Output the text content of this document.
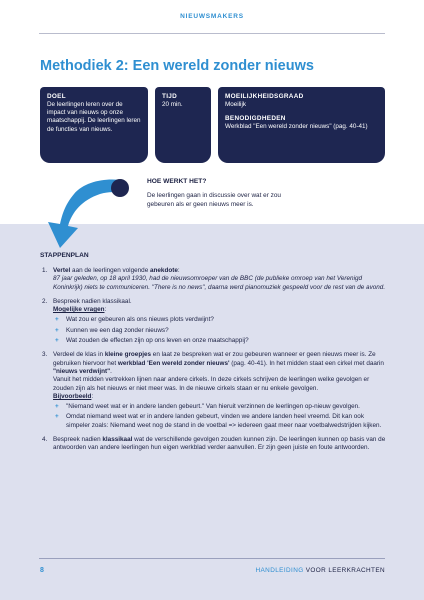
NIEUWSMAKERS
Methodiek 2: Een wereld zonder nieuws
DOEL
De leerlingen leren over de impact van nieuws op onze maatschappij. De leerlingen leren de functies van nieuws.
TIJD
20 min.
MOEILIJKHEIDSGRAAD
Moeilijk
BENODIGDHEDEN
Werkblad "Een wereld zonder nieuws" (pag. 40-41)
HOE WERKT HET?
De leerlingen gaan in discussie over wat er zou gebeuren als er geen nieuws meer is.
STAPPENPLAN
1. Vertel aan de leerlingen volgende anekdote:

87 jaar geleden, op 18 april 1930, had de nieuwsomroeper van de BBC (de publieke omroep van het Verenigd Koninkrijk) niets te communiceren. "There is no news", daarna werd pianomuziek gespeeld voor de rest van de avond.

2. Bespreek nadien klassikaal.

Mogelijke vragen:

+ Wat zou er gebeuren als ons nieuws plots verdwijnt?
+ Kunnen we een dag zonder nieuws?
+ Wat zouden de effecten zijn op ons leven en onze maatschappij?
3. Verdeel de klas in kleine groepjes en laat ze bespreken wat er zou gebeuren wanneer er geen nieuws meer is. Ze gebruiken hiervoor het werkblad 'Een wereld zonder nieuws' (pag. 40-41). In het midden staat een cirkel met daarin "nieuws verdwijnt".

Vanuit het midden vertrekken lijnen naar andere cirkels. In deze cirkels schrijven de leerlingen welke gevolgen er zouden zijn als het nieuws er niet meer was. In de nieuwe cirkels staan er nu enkele gevolgen.

Bijvoorbeeld:

+ "Niemand weet wat er in andere landen gebeurt." Van hieruit verzinnen de leerlingen op-nieuw gevolgen.
+ Omdat niemand weet wat er in andere landen gebeurt, vinden we andere landen heel vreemd. Dit kan ook simpeler zoals: Niemand weet nog de stand in de voetbal => iedereen gaat meer naar voetbalwedstrijden kijken.
4. Bespreek nadien klassikaal wat de verschillende gevolgen zouden kunnen zijn. De leerlingen kunnen op basis van de antwoorden van andere leerlingen hun eigen werkblad verder aanvullen. Er zijn geen juiste en foute antwoorden.

8	HANDLEIDING VOOR LEERKRACHTEN
